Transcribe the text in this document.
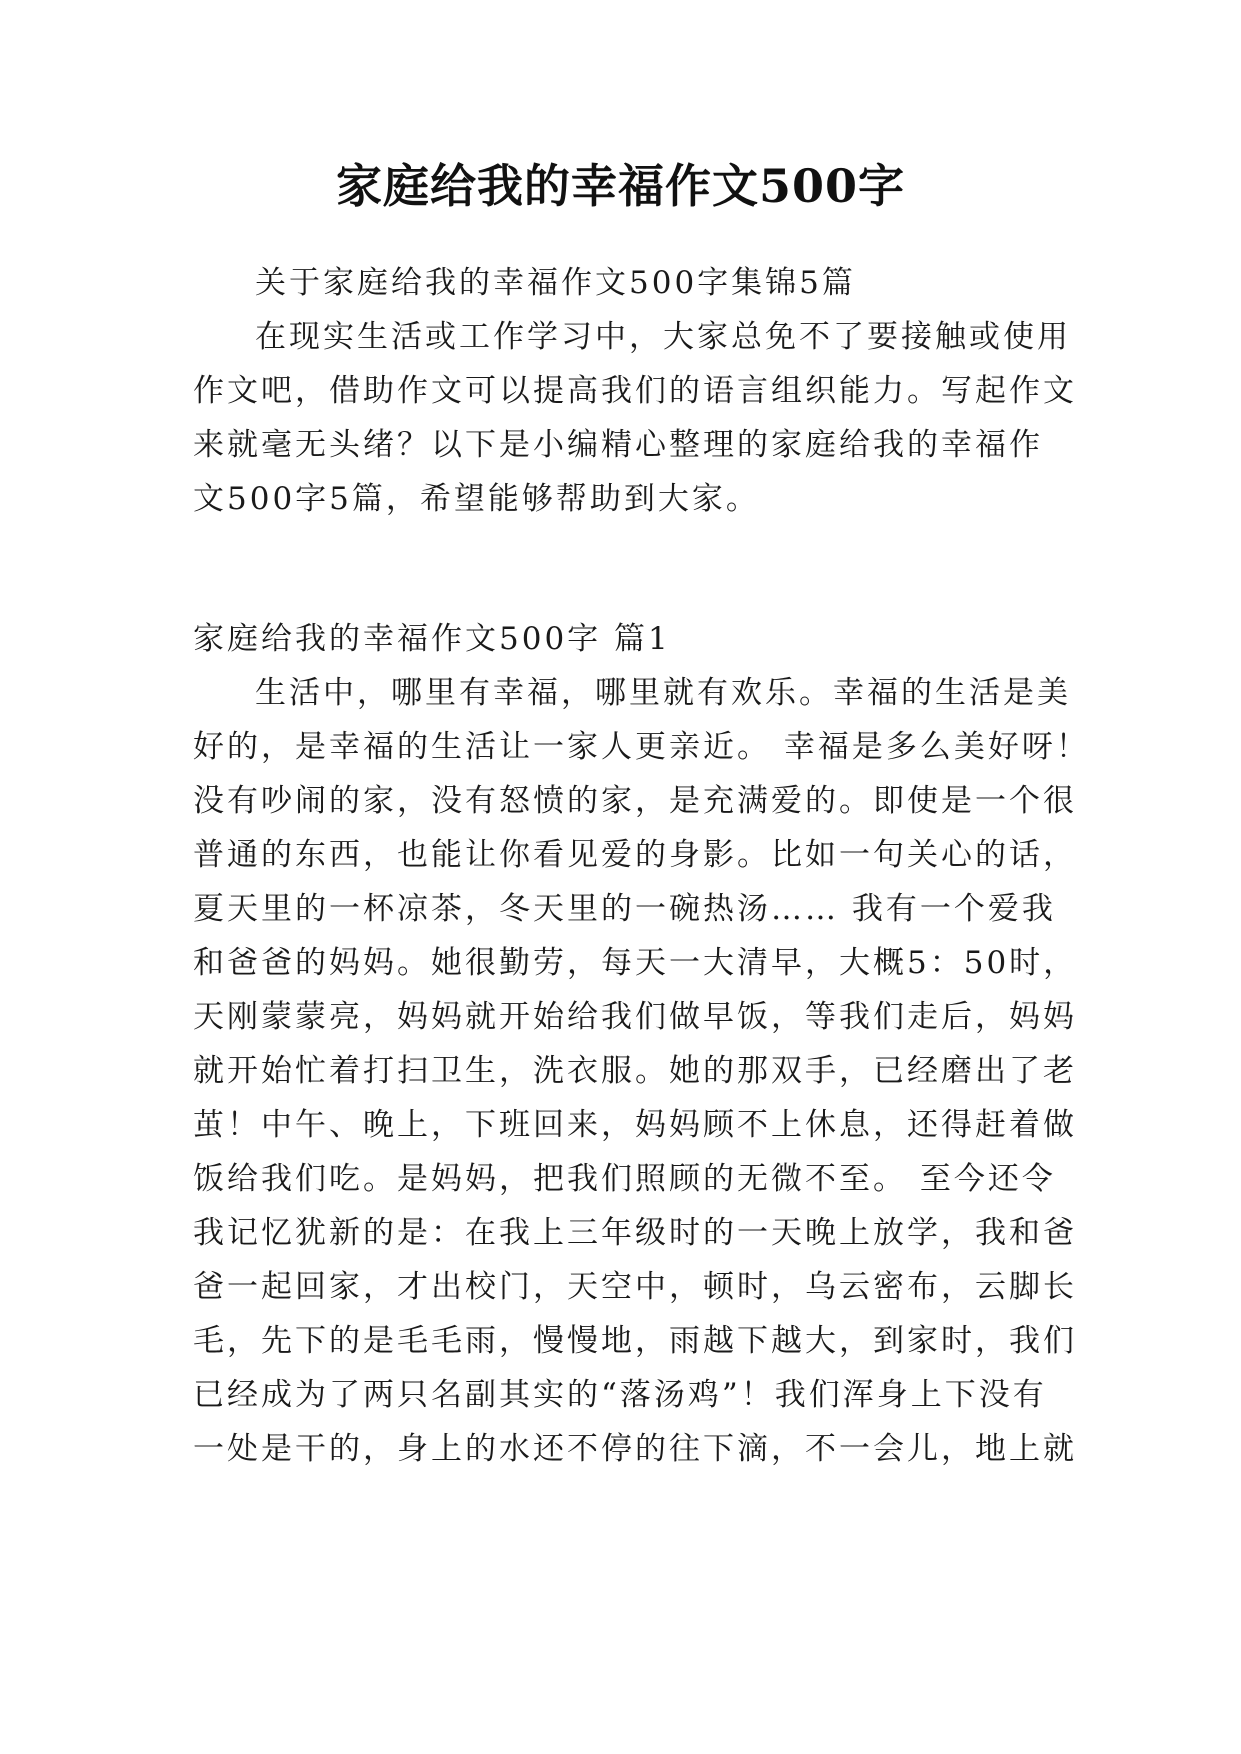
家庭给我的幸福作文500字

关于家庭给我的幸福作文500字集锦5篇

在现实生活或工作学习中，大家总免不了要接触或使用

作文吧，借助作文可以提高我们的语言组织能力。写起作文

来就毫无头绪？以下是小编精心整理的家庭给我的幸福作

文500字5篇，希望能够帮助到大家。

家庭给我的幸福作文500字 篇1

生活中，哪里有幸福，哪里就有欢乐。幸福的生活是美

好的，是幸福的生活让一家人更亲近。 幸福是多么美好呀！

没有吵闹的家，没有怒愤的家，是充满爱的。即使是一个很

普通的东西，也能让你看见爱的身影。比如一句关心的话，

夏天里的一杯凉茶，冬天里的一碗热汤…… 我有一个爱我

和爸爸的妈妈。她很勤劳，每天一大清早，大概5：50时，

天刚蒙蒙亮，妈妈就开始给我们做早饭，等我们走后，妈妈

就开始忙着打扫卫生，洗衣服。她的那双手，已经磨出了老

茧！中午、晚上，下班回来，妈妈顾不上休息，还得赶着做

饭给我们吃。是妈妈，把我们照顾的无微不至。 至今还令

我记忆犹新的是：在我上三年级时的一天晚上放学，我和爸

爸一起回家，才出校门，天空中，顿时，乌云密布，云脚长

毛，先下的是毛毛雨，慢慢地，雨越下越大，到家时，我们

已经成为了两只名副其实的“落汤鸡”！我们浑身上下没有

一处是干的，身上的水还不停的往下滴，不一会儿，地上就
